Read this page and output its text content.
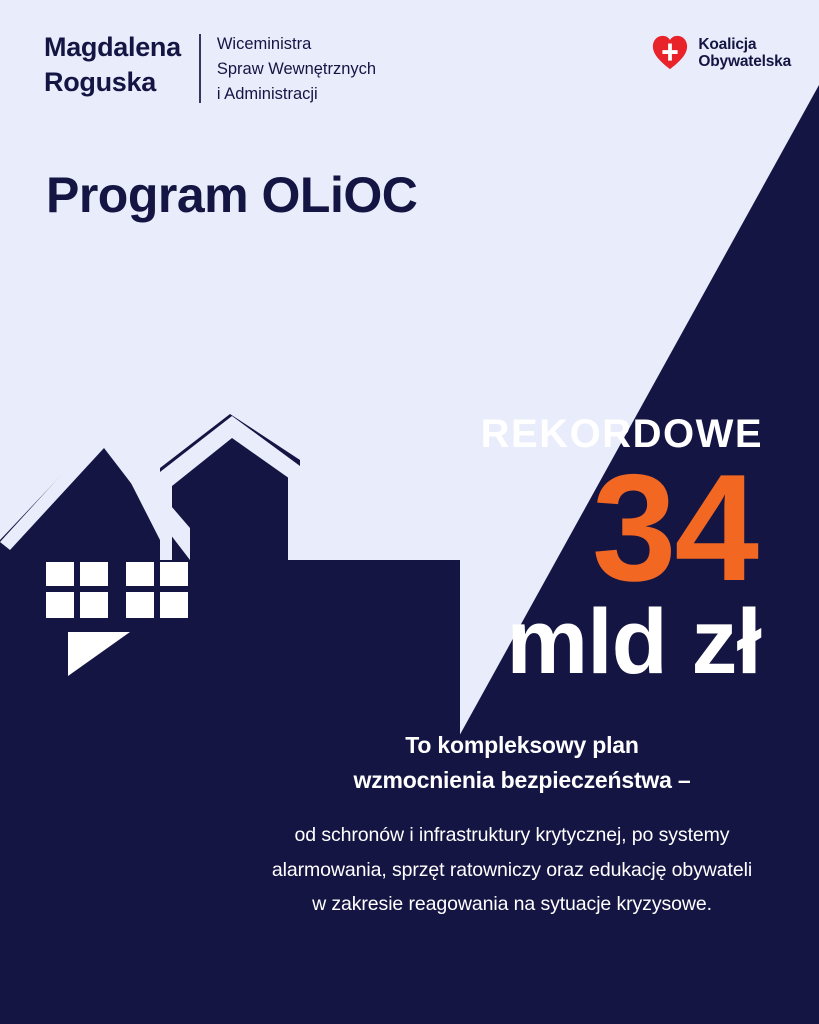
Magdalena
Roguska
Wiceministra
Spraw Wewnętrznych
i Administracji
Koalicja
Obywatelska
Program OLiOC
REKORDOWE
34
mld zł
To kompleksowy plan
wzmocnienia bezpieczeństwa –
od schronów i infrastruktury krytycznej, po systemy
alarmowania, sprzęt ratowniczy oraz edukację obywateli
w zakresie reagowania na sytuacje kryzysowe.
